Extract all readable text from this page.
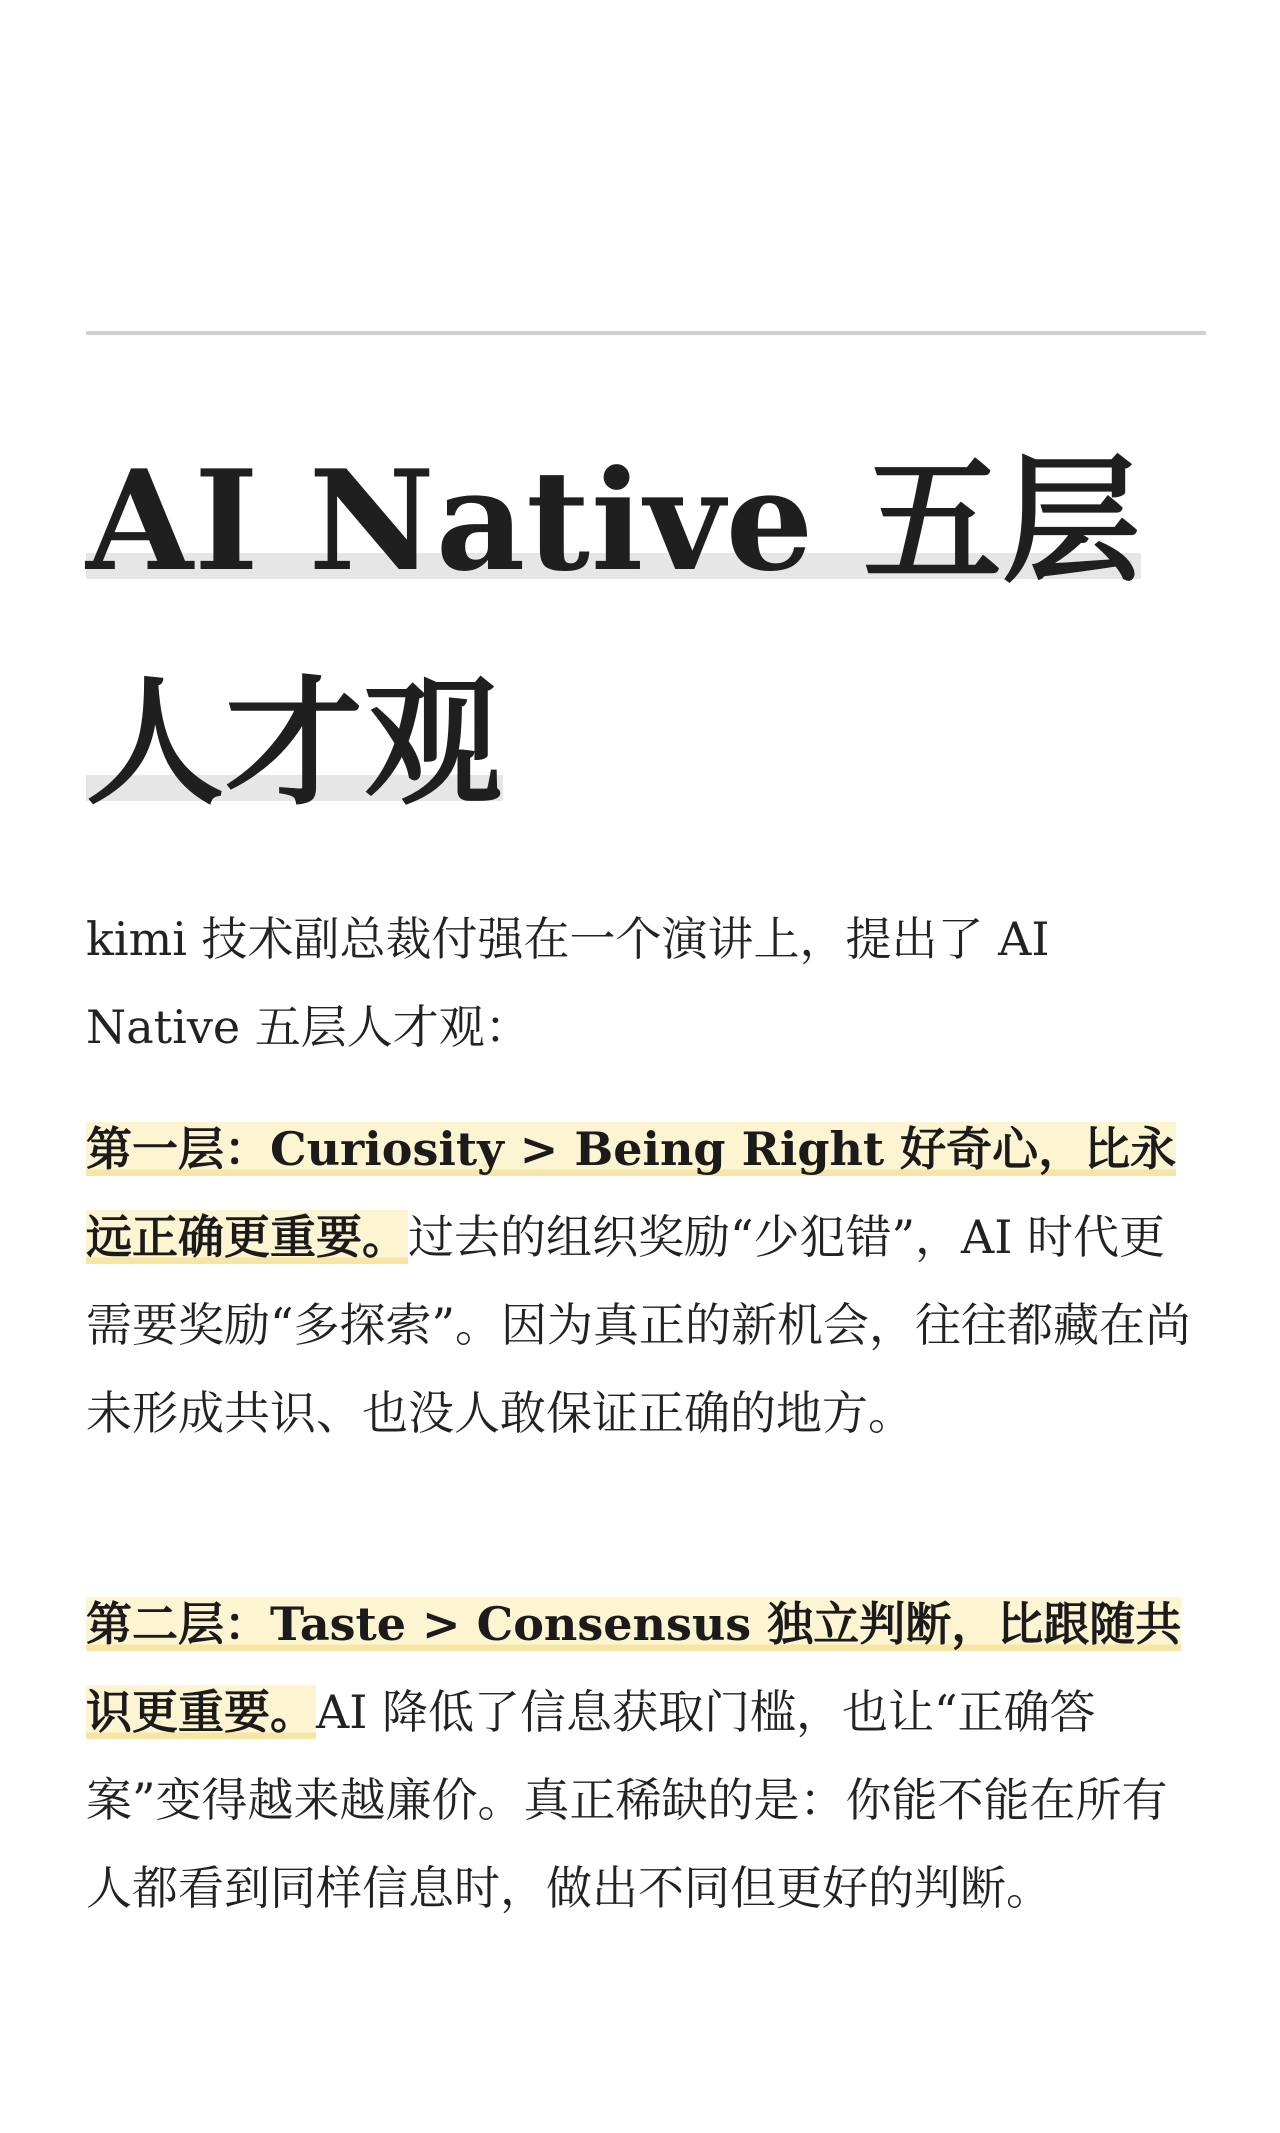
AI Native 五层
人才观

kimi 技术副总裁付强在一个演讲上，提出了 AI Native 五层人才观：

第一层：Curiosity > Being Right 好奇心，比永远正确更重要。过去的组织奖励“少犯错”，AI 时代更需要奖励“多探索”。因为真正的新机会，往往都藏在尚未形成共识、也没人敢保证正确的地方。

第二层：Taste > Consensus 独立判断，比跟随共识更重要。AI 降低了信息获取门槛，也让“正确答案”变得越来越廉价。真正稀缺的是：你能不能在所有人都看到同样信息时，做出不同但更好的判断。
